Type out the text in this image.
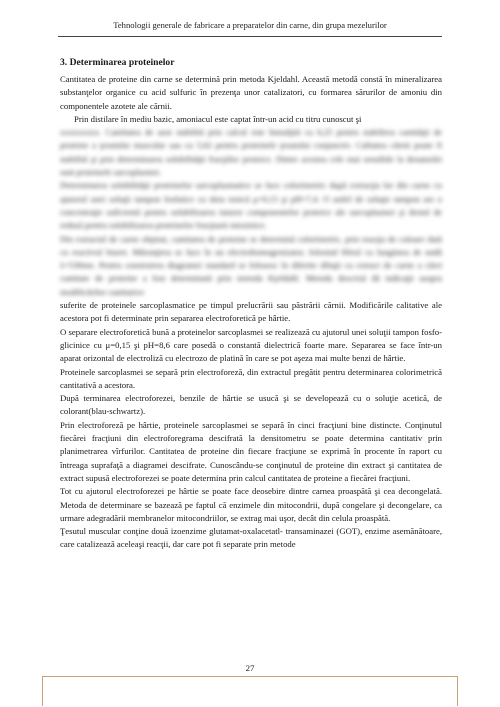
Tehnologii generale de fabricare a preparatelor din carne, din grupa mezelurilor
3. Determinarea proteinelor

Cantitatea de proteine din carne se determină prin metoda Kjeldahl. Această metodă constă în mineralizarea substanţelor organice cu acid sulfuric în prezenţa unor catalizatori, cu formarea sărurilor de amoniu din componentele azotete ale cărnii.

Prin distilare în mediu bazic, amoniacul este captat într-un acid cu titru cunoscut şi

xxxxxxxxx. Cantitatea de azot stabilită prin calcul este înmulţită cu 6,25 pentru stabilirea cantităţii de proteine a ţesutului muscular sau cu 5,62 pentru proteinele ţesutului conjunctiv. Calitatea cărnii poate fi stabilită şi prin determinarea solubilităţii fracţiilor proteice. Dintre acestea cele mai sensibile la denaturări sunt proteinele sarcoplasmei.

Determinarea solubilităţii proteinelor sarcoplasmatice se face colorimetric după extracţia lor din carne cu ajutorul unei soluţii tampon fosfatice cu tăria ionică μ=0,15 şi pH=7,4. O astfel de soluţie tampon are o concentraţie suficientă pentru solubilizarea tuturor componentelor proteice ale sarcoplasmei şi destul de redusă pentru solubilizarea proteinelor fracţiunii miozinice.

Din extractul de carne obţinut, cantitatea de proteine se determină colorimetric, prin reacţia de culoare dată cu reactivul biuret. Mărunţirea se face în un electrohomogenizator, folosind filtrul cu lungimea de undă λ=530nm. Pentru construirea diagramei standard se folosesc în diferite diluţii cu extract de carne a cărei cantitate de proteine a fost determinată prin metoda Kjeldahl. Metoda descrisă dă indicaţii asupra modificărilor cantitative

suferite de proteinele sarcoplasmatice pe timpul prelucrării sau păstrării cărnii. Modificările calitative ale acestora pot fi determinate prin separarea electroforetică pe hârtie.

O separare electroforetică bună a proteinelor sarcoplasmei se realizează cu ajutorul unei soluţii tampon fosfo-glicinice cu μ=0,15 şi pH=8,6 care posedă o constantă dielectrică foarte mare. Separarea se face într-un aparat orizontal de electroliză cu electrozo de platină în care se pot aşeza mai multe benzi de hârtie.

Proteinele sarcoplasmei se separă prin electroforeză, din extractul pregătit pentru determinarea colorimetrică cantitativă a acestora.

După terminarea electroforezei, benzile de hârtie se usucă şi se developează cu o soluţie acetică, de colorant(blau-schwartz).

Prin electroforeză pe hârtie, proteinele sarcoplasmei se separă în cinci fracţiuni bine distincte. Conţinutul fiecărei fracţiuni din electroforegrama descifrată la densitometru se poate determina cantitativ prin planimetrarea vîrfurilor. Cantitatea de proteine din fiecare fracţiune se exprimă în procente în raport cu întreaga suprafaţă a diagramei descifrate. Cunoscându-se conţinutul de proteine din extract şi cantitatea de extract supusă electroforezei se poate determina prin calcul cantitatea de proteine a fiecărei fracţiuni.

Tot cu ajutorul electroforezei pe hârtie se poate face deosebire dintre carnea proaspătă şi cea decongelată. Metoda de determinare se bazează pe faptul că enzimele din mitocondrii, după congelare şi decongelare, ca urmare adegradării membranelor mitocondriilor, se extrag mai uşor, decât din celula proaspătă.

Ţesutul muscular conţine două izoenzime glutamat-oxalacetatl- transaminazei (GOT), enzime asemănătoare, care catalizează aceleaşi reacţii, dar care pot fi separate prin metode

27
